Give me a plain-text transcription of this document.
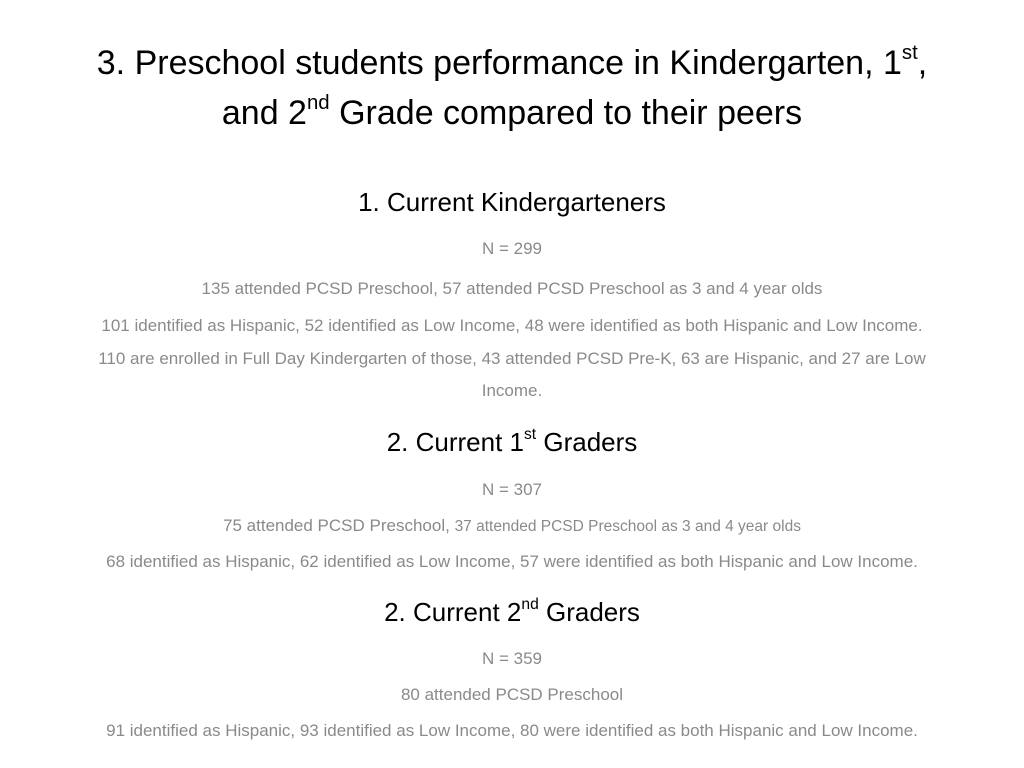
3. Preschool students performance in Kindergarten, 1st,
and 2nd Grade compared to their peers
1. Current Kindergarteners
N = 299
135 attended PCSD Preschool, 57 attended PCSD Preschool as 3 and 4 year olds
101 identified as Hispanic, 52 identified as Low Income, 48 were identified as both Hispanic and Low Income.
110 are enrolled in Full Day Kindergarten of those, 43 attended PCSD Pre-K, 63 are Hispanic, and 27 are Low
Income.
2. Current 1st Graders
N = 307
75 attended PCSD Preschool, 37 attended PCSD Preschool as 3 and 4 year olds
68 identified as Hispanic, 62 identified as Low Income, 57 were identified as both Hispanic and Low Income.
2. Current 2nd Graders
N = 359
80 attended PCSD Preschool
91 identified as Hispanic, 93 identified as Low Income, 80 were identified as both Hispanic and Low Income.
